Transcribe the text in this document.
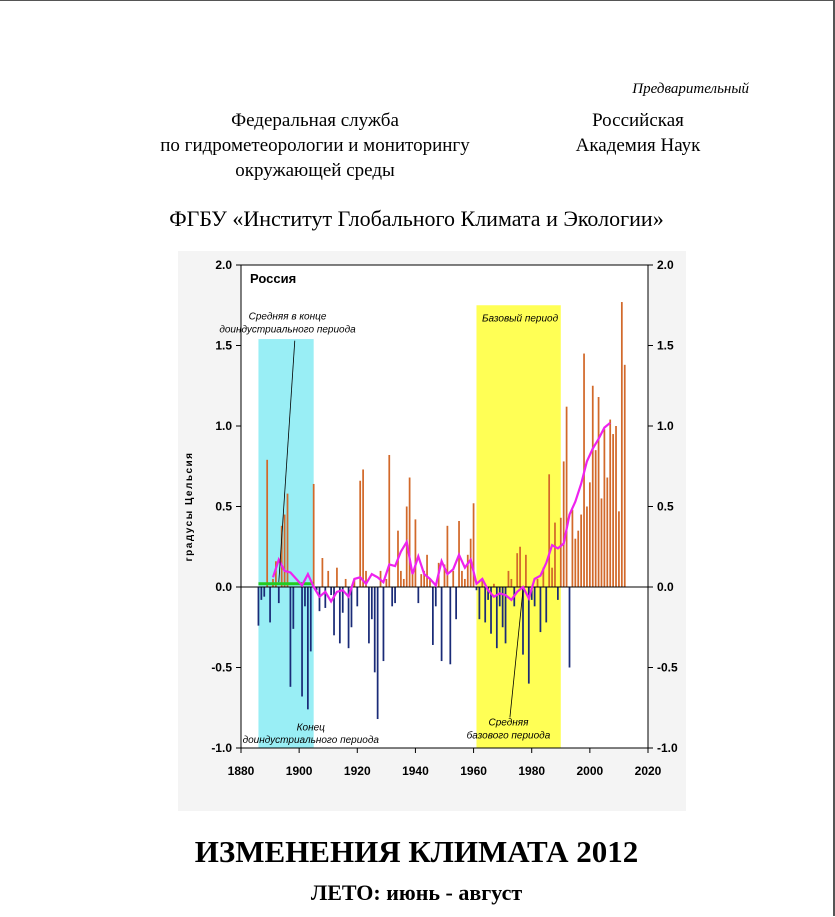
Предварительный
Федеральная служба
по гидрометеорологии и мониторингу
окружающей среды
Российская
Академия Наук
ФГБУ «Институт Глобального Климата и Экологии»
-1.0	-1.0
-0.5	-0.5
0.0	0.0
0.5	0.5
1.0	1.0
1.5	1.5
2.0	2.0
1880	1900	1920	1940	1960	1980	2000	2020
градусы Цельсия
Россия
Средняя в конце
доиндустриального периода
Базовый период
Конец
доиндустриального периода
Средняя
базового периода
ИЗМЕНЕНИЯ КЛИМАТА 2012
ЛЕТО: июнь - август
